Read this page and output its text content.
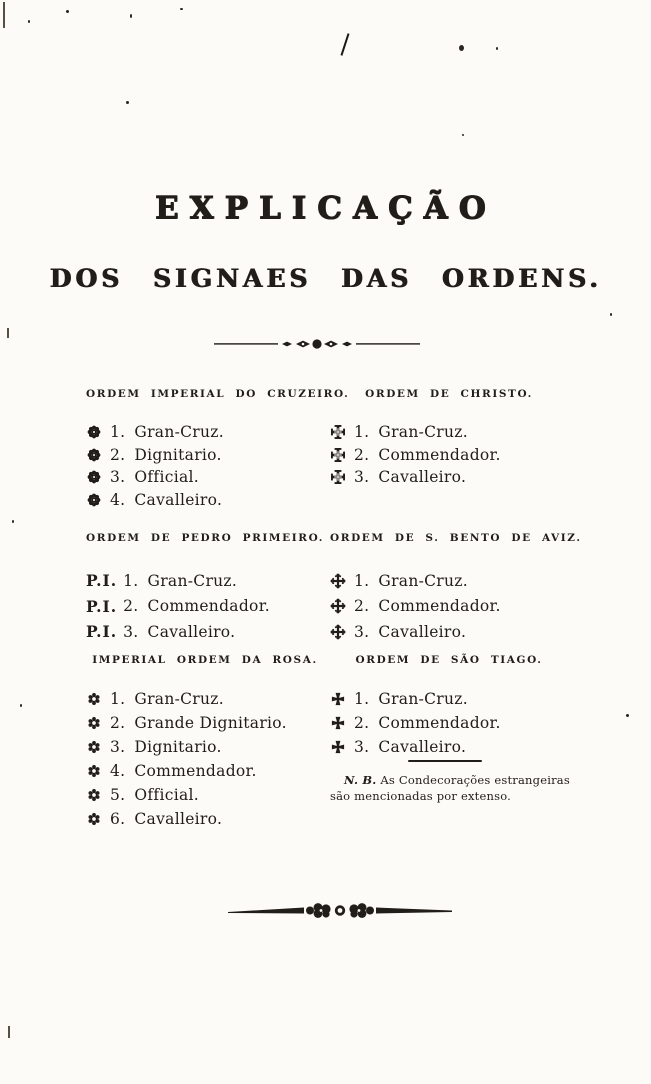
EXPLICAÇÃO
DOS SIGNAES DAS ORDENS.
ORDEM IMPERIAL DO CRUZEIRO.
1. Gran-Cruz.
2. Dignitario.
3. Official.
4. Cavalleiro.
ORDEM DE CHRISTO.
1. Gran-Cruz.
2. Commendador.
3. Cavalleiro.
ORDEM DE PEDRO PRIMEIRO.
P.I. 1. Gran-Cruz.
P.I. 2. Commendador.
P.I. 3. Cavalleiro.
ORDEM DE S. BENTO DE AVIZ.
1. Gran-Cruz.
2. Commendador.
3. Cavalleiro.
IMPERIAL ORDEM DA ROSA.
1. Gran-Cruz.
2. Grande Dignitario.
3. Dignitario.
4. Commendador.
5. Official.
6. Cavalleiro.
ORDEM DE SÃO TIAGO.
1. Gran-Cruz.
2. Commendador.
3. Cavalleiro.
N. B. As Condecorações estrangeiras
são mencionadas por extenso.
